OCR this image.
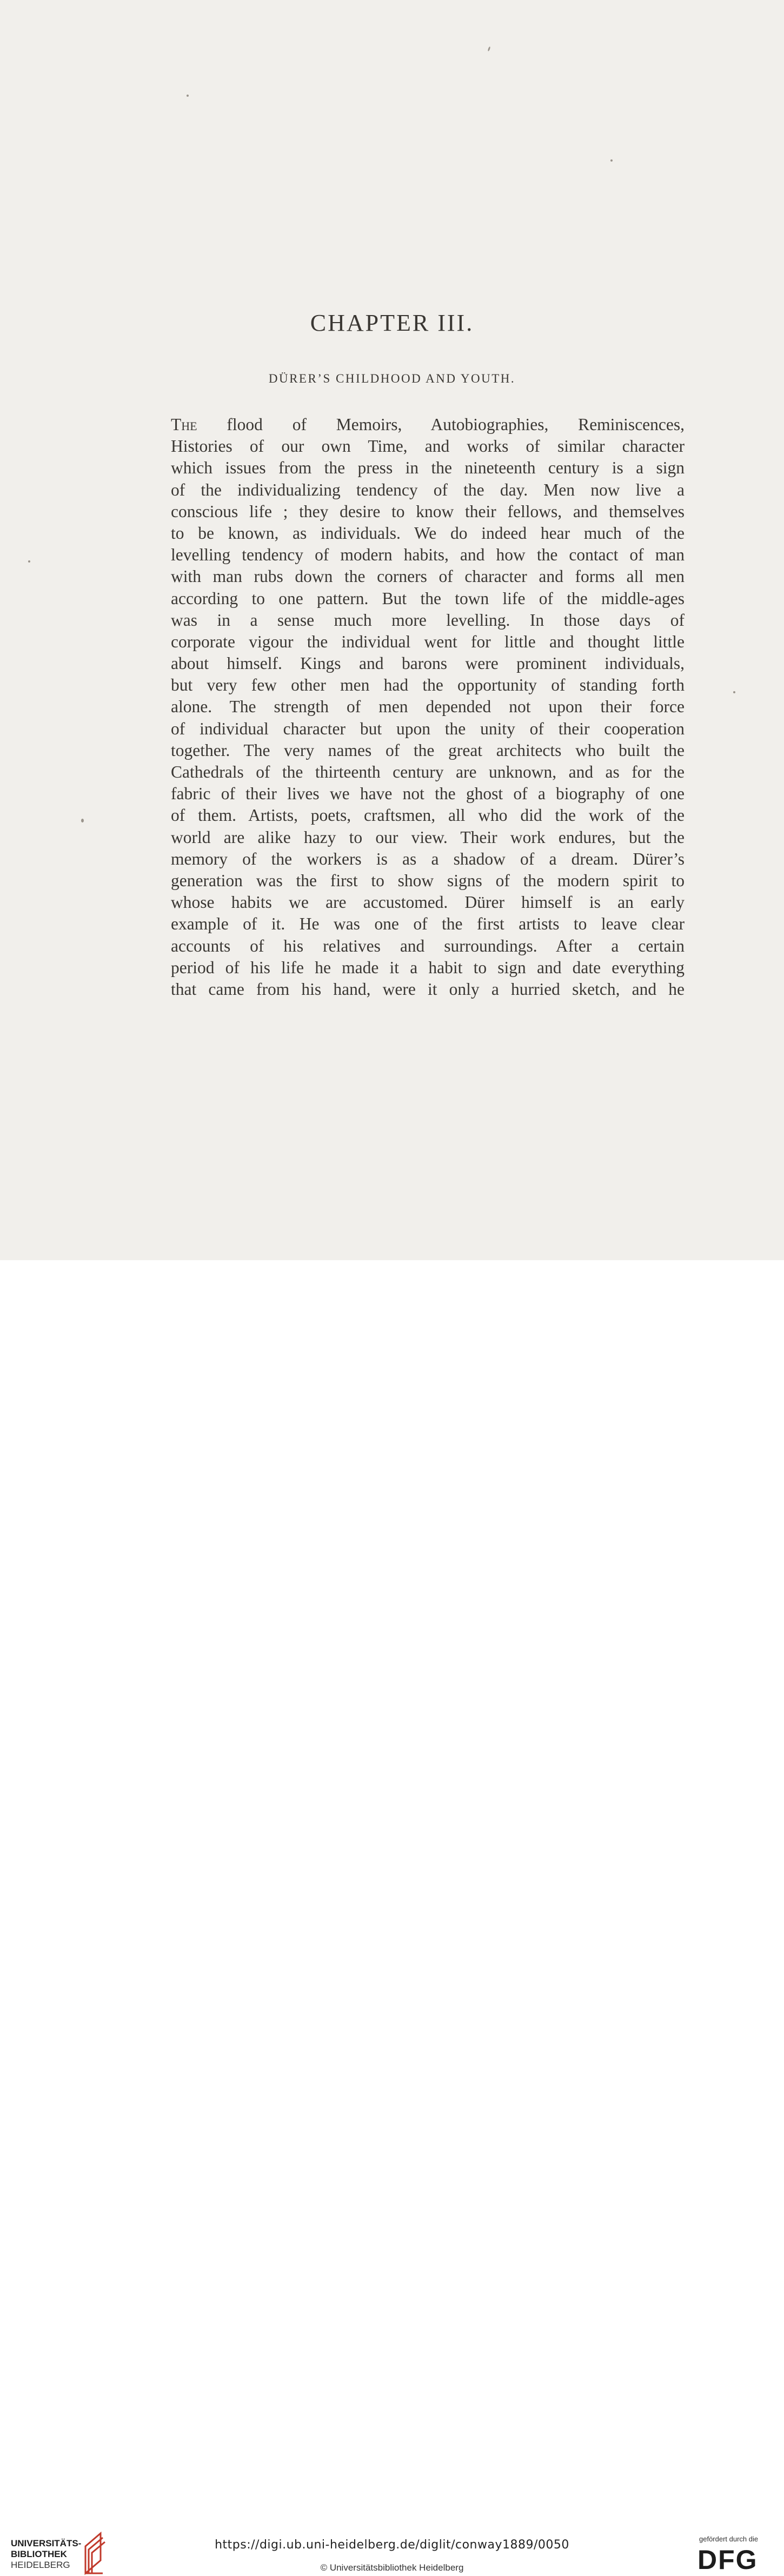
CHAPTER III.
DÜRER’S CHILDHOOD AND YOUTH.
The flood of Memoirs, Autobiographies, Reminiscences,
Histories of our own Time, and works of similar character
which issues from the press in the nineteenth century is a sign
of the individualizing tendency of the day. Men now live a
conscious life ; they desire to know their fellows, and themselves
to be known, as individuals. We do indeed hear much of the
levelling tendency of modern habits, and how the contact of man
with man rubs down the corners of character and forms all men
according to one pattern. But the town life of the middle-ages
was in a sense much more levelling. In those days of
corporate vigour the individual went for little and thought little
about himself. Kings and barons were prominent individuals,
but very few other men had the opportunity of standing forth
alone. The strength of men depended not upon their force
of individual character but upon the unity of their cooperation
together. The very names of the great architects who built the
Cathedrals of the thirteenth century are unknown, and as for the
fabric of their lives we have not the ghost of a biography of one
of them. Artists, poets, craftsmen, all who did the work of the
world are alike hazy to our view. Their work endures, but the
memory of the workers is as a shadow of a dream. Dürer’s
generation was the first to show signs of the modern spirit to
whose habits we are accustomed. Dürer himself is an early
example of it. He was one of the first artists to leave clear
accounts of his relatives and surroundings. After a certain
period of his life he made it a habit to sign and date everything
that came from his hand, were it only a hurried sketch, and he
UNIVERSITÄTS-
BIBLIOTHEK
HEIDELBERG
https://digi.ub.uni-heidelberg.de/diglit/conway1889/0050
© Universitätsbibliothek Heidelberg
gefördert durch die
DFG
